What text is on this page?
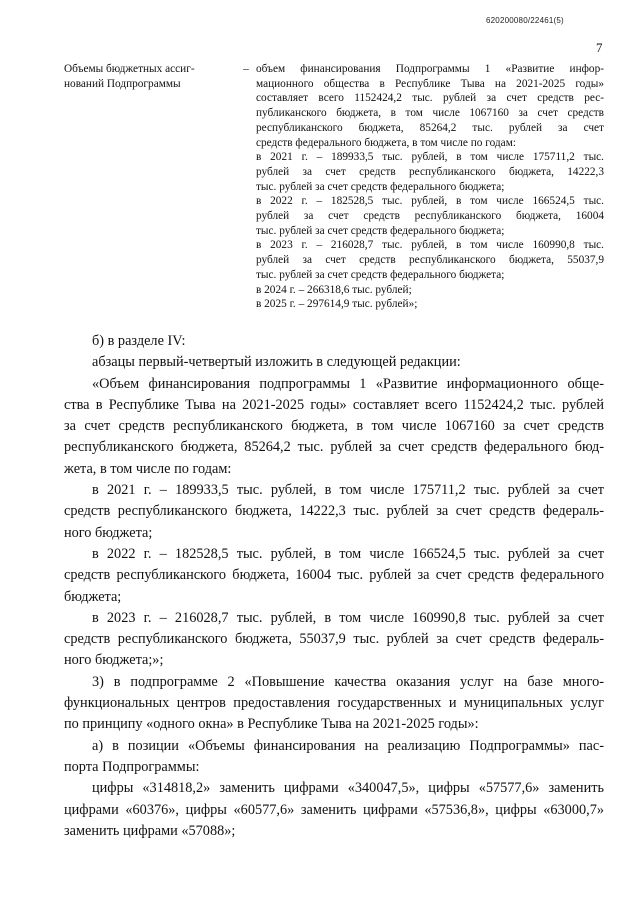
620200080/22461(5)
7
Объемы бюджетных ассиг-
нований Подпрограммы
– объем финансирования Подпрограммы 1 «Развитие инфор-
мационного общества в Республике Тыва на 2021-2025 годы»
составляет всего 1152424,2 тыс. рублей за счет средств рес-
публиканского бюджета, в том числе 1067160 за счет средств
республиканского бюджета, 85264,2 тыс. рублей за счет
средств федерального бюджета, в том числе по годам:
в 2021 г. – 189933,5 тыс. рублей, в том числе 175711,2 тыс.
рублей за счет средств республиканского бюджета, 14222,3
тыс. рублей за счет средств федерального бюджета;
в 2022 г. – 182528,5 тыс. рублей, в том числе 166524,5 тыс.
рублей за счет средств республиканского бюджета, 16004
тыс. рублей за счет средств федерального бюджета;
в 2023 г. – 216028,7 тыс. рублей, в том числе 160990,8 тыс.
рублей за счет средств республиканского бюджета, 55037,9
тыс. рублей за счет средств федерального бюджета;
в 2024 г. – 266318,6 тыс. рублей;
в 2025 г. – 297614,9 тыс. рублей»;
б) в разделе IV:
абзацы первый-четвертый изложить в следующей редакции:
«Объем финансирования подпрограммы 1 «Развитие информационного обще-
ства в Республике Тыва на 2021-2025 годы» составляет всего 1152424,2 тыс. рублей
за счет средств республиканского бюджета, в том числе 1067160 за счет средств
республиканского бюджета, 85264,2 тыс. рублей за счет средств федерального бюд-
жета, в том числе по годам:
в 2021 г. – 189933,5 тыс. рублей, в том числе 175711,2 тыс. рублей за счет
средств республиканского бюджета, 14222,3 тыс. рублей за счет средств федераль-
ного бюджета;
в 2022 г. – 182528,5 тыс. рублей, в том числе 166524,5 тыс. рублей за счет
средств республиканского бюджета, 16004 тыс. рублей за счет средств федерального
бюджета;
в 2023 г. – 216028,7 тыс. рублей, в том числе 160990,8 тыс. рублей за счет
средств республиканского бюджета, 55037,9 тыс. рублей за счет средств федераль-
ного бюджета;»;
3) в подпрограмме 2 «Повышение качества оказания услуг на базе много-
функциональных центров предоставления государственных и муниципальных услуг
по принципу «одного окна» в Республике Тыва на 2021-2025 годы»:
а) в позиции «Объемы финансирования на реализацию Подпрограммы» пас-
порта Подпрограммы:
цифры «314818,2» заменить цифрами «340047,5», цифры «57577,6» заменить
цифрами «60376», цифры «60577,6» заменить цифрами «57536,8», цифры «63000,7»
заменить цифрами «57088»;
